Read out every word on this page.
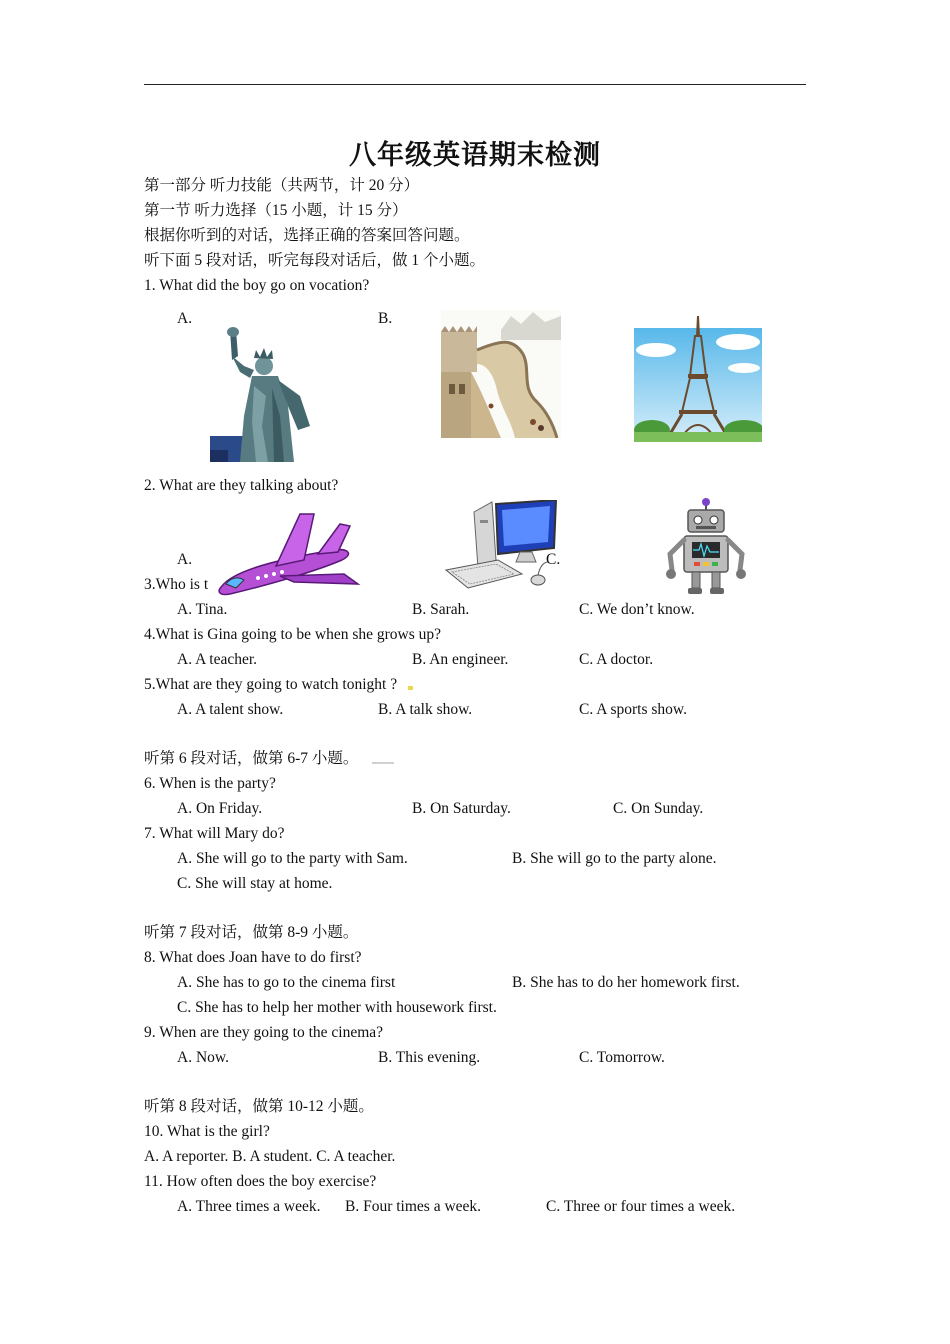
八年级英语期末检测
第一部分 听力技能（共两节，计 20 分）
第一节 听力选择（15 小题，计 15 分）
根据你听到的对话，选择正确的答案回答问题。
听下面 5 段对话，听完每段对话后，做 1 个小题。
1. What did the boy go on vocation?
A.	B.
2. What are they talking about?
A.	C.
3.Who is t
A. Tina.	B. Sarah.	C. We don’t know.
4.What is Gina going to be when she grows up?
A. A teacher.	B. An engineer.	C. A doctor.
5.What are they going to watch tonight ?
A. A talent show.	B. A talk show.	C. A sports show.
听第 6 段对话，做第 6-7 小题。
6. When is the party?
A. On Friday.	B. On Saturday.	C. On Sunday.
7. What will Mary do?
A. She will go to the party with Sam.	B. She will go to the party alone.
C. She will stay at home.
听第 7 段对话，做第 8-9 小题。
8. What does Joan have to do first?
A. She has to go to the cinema first	B. She has to do her homework first.
C. She has to help her mother with housework first.
9. When are they going to the cinema?
A. Now.	B. This evening.	C. Tomorrow.
听第 8 段对话，做第 10-12 小题。
10. What is the girl?
A. A reporter. B. A student. C. A teacher.
11. How often does the boy exercise?
A. Three times a week. B. Four times a week.	C. Three or four times a week.
